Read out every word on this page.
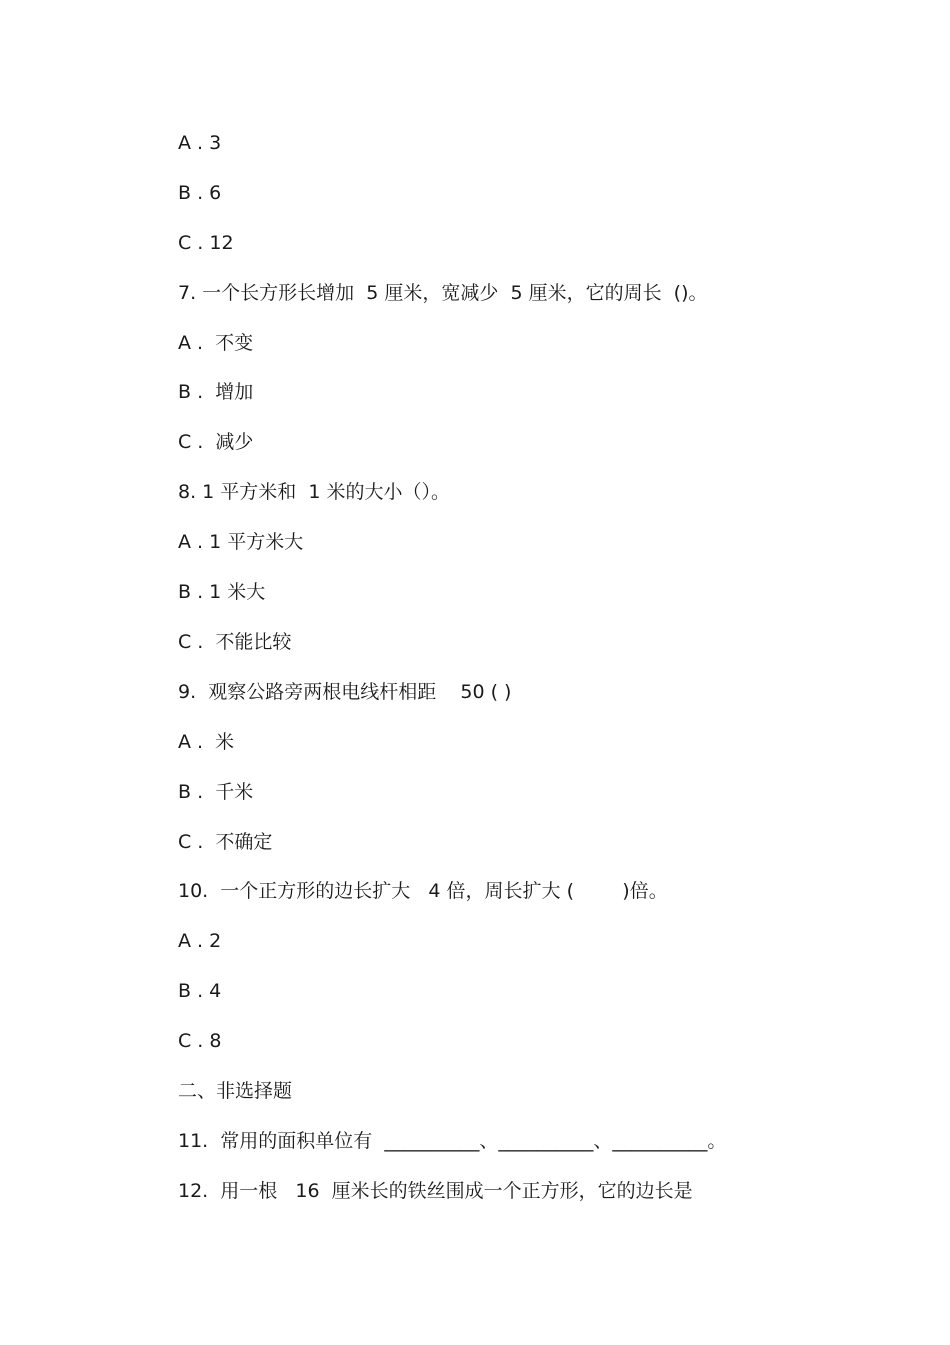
A . 3
B . 6
C . 12
7. 一个长方形长增加  5 厘米，宽减少  5 厘米，它的周长  ()。
A .  不变
B .  增加
C .  减少
8. 1 平方米和  1 米的大小（）。
A . 1 平方米大
B . 1 米大
C .  不能比较
9.  观察公路旁两根电线杆相距    50 ( )
A .  米
B .  千米
C .  不确定
10.  一个正方形的边长扩大   4 倍，周长扩大 (        )倍。
A . 2
B . 4
C . 8
二、非选择题
11.  常用的面积单位有  __________、__________、__________。
12.  用一根   16  厘米长的铁丝围成一个正方形，它的边长是
